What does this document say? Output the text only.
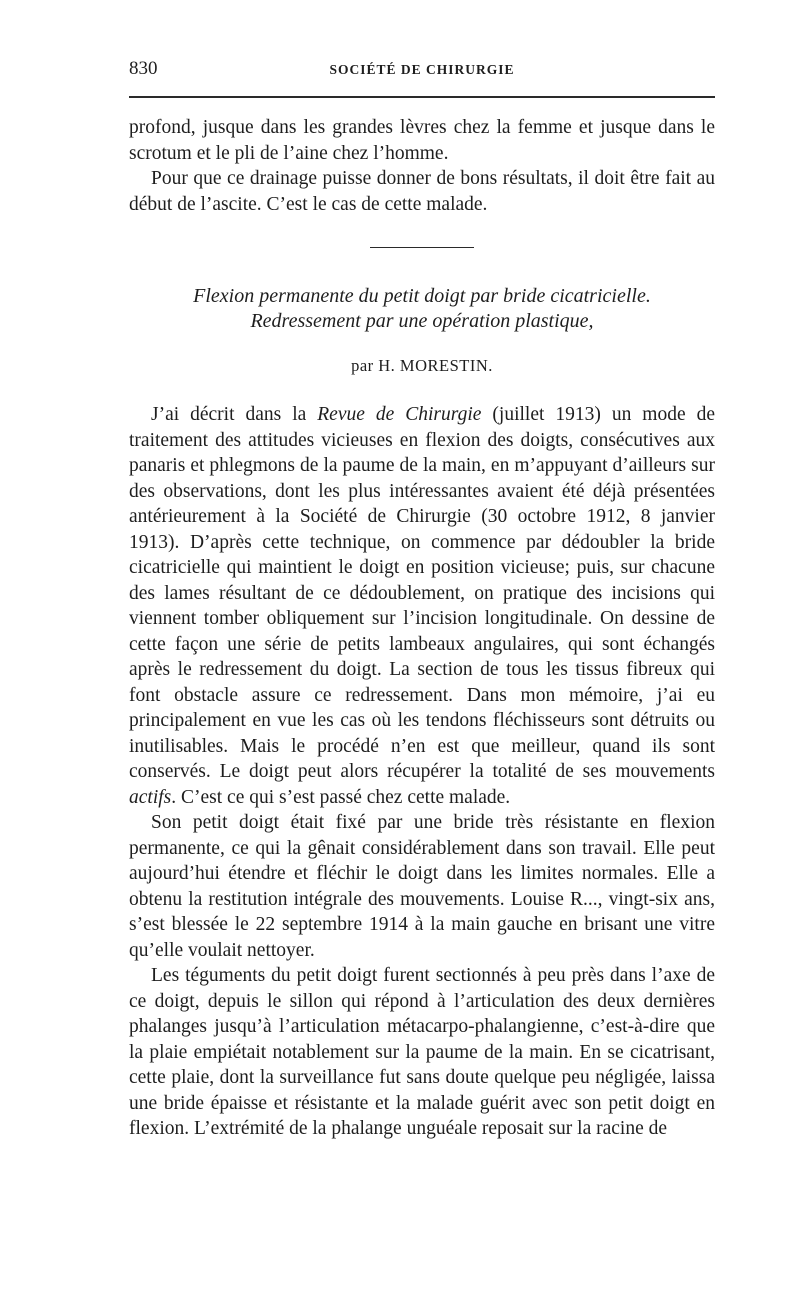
830	SOCIÉTÉ DE CHIRURGIE

profond, jusque dans les grandes lèvres chez la femme et jusque dans le scrotum et le pli de l’aine chez l’homme.

Pour que ce drainage puisse donner de bons résultats, il doit être fait au début de l’ascite. C’est le cas de cette malade.

Flexion permanente du petit doigt par bride cicatricielle.
Redressement par une opération plastique,
par H. MORESTIN.

J’ai décrit dans la Revue de Chirurgie (juillet 1913) un mode de traitement des attitudes vicieuses en flexion des doigts, consécutives aux panaris et phlegmons de la paume de la main, en m’appuyant d’ailleurs sur des observations, dont les plus intéressantes avaient été déjà présentées antérieurement à la Société de Chirurgie (30 octobre 1912, 8 janvier 1913). D’après cette technique, on commence par dédoubler la bride cicatricielle qui maintient le doigt en position vicieuse; puis, sur chacune des lames résultant de ce dédoublement, on pratique des incisions qui viennent tomber obliquement sur l’incision longitudinale. On dessine de cette façon une série de petits lambeaux angulaires, qui sont échangés après le redressement du doigt. La section de tous les tissus fibreux qui font obstacle assure ce redressement. Dans mon mémoire, j’ai eu principalement en vue les cas où les tendons fléchisseurs sont détruits ou inutilisables. Mais le procédé n’en est que meilleur, quand ils sont conservés. Le doigt peut alors récupérer la totalité de ses mouvements actifs. C’est ce qui s’est passé chez cette malade.

Son petit doigt était fixé par une bride très résistante en flexion permanente, ce qui la gênait considérablement dans son travail. Elle peut aujourd’hui étendre et fléchir le doigt dans les limites normales. Elle a obtenu la restitution intégrale des mouvements. Louise R..., vingt-six ans, s’est blessée le 22 septembre 1914 à la main gauche en brisant une vitre qu’elle voulait nettoyer.

Les téguments du petit doigt furent sectionnés à peu près dans l’axe de ce doigt, depuis le sillon qui répond à l’articulation des deux dernières phalanges jusqu’à l’articulation métacarpo-phalangienne, c’est-à-dire que la plaie empiétait notablement sur la paume de la main. En se cicatrisant, cette plaie, dont la surveillance fut sans doute quelque peu négligée, laissa une bride épaisse et résistante et la malade guérit avec son petit doigt en flexion. L’extrémité de la phalange unguéale reposait sur la racine de
